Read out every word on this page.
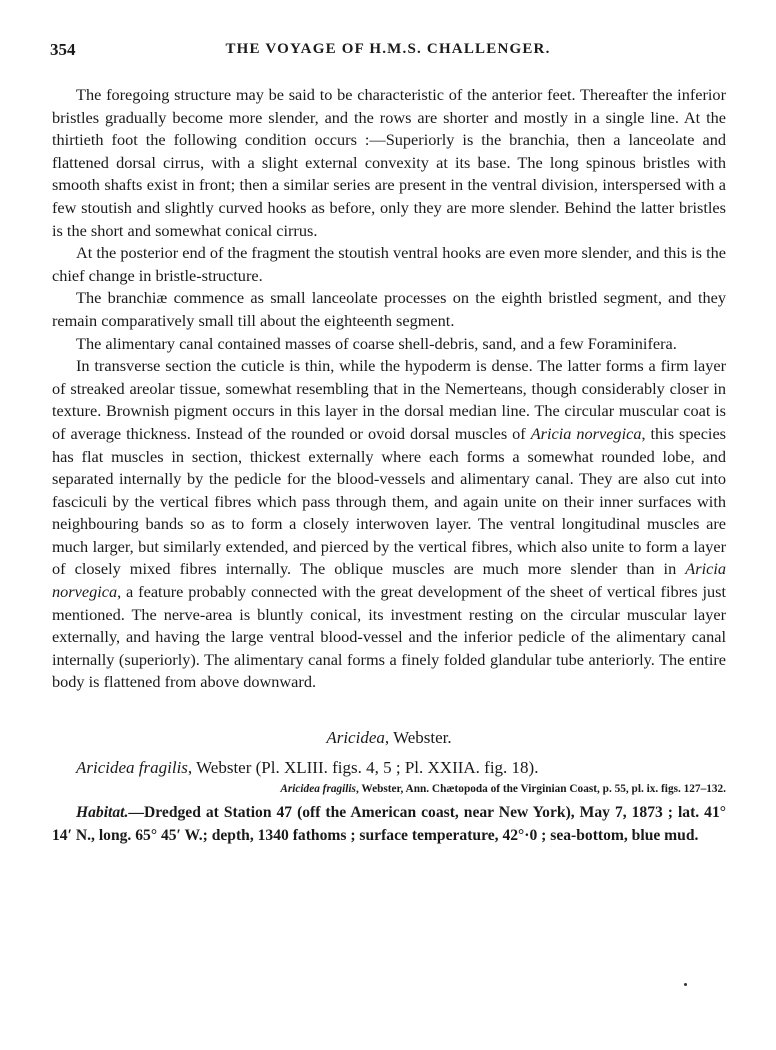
354	THE VOYAGE OF H.M.S. CHALLENGER.

The foregoing structure may be said to be characteristic of the anterior feet. Thereafter the inferior bristles gradually become more slender, and the rows are shorter and mostly in a single line. At the thirtieth foot the following condition occurs :—Superiorly is the branchia, then a lanceolate and flattened dorsal cirrus, with a slight external convexity at its base. The long spinous bristles with smooth shafts exist in front; then a similar series are present in the ventral division, interspersed with a few stoutish and slightly curved hooks as before, only they are more slender. Behind the latter bristles is the short and somewhat conical cirrus.

At the posterior end of the fragment the stoutish ventral hooks are even more slender, and this is the chief change in bristle-structure.

The branchiæ commence as small lanceolate processes on the eighth bristled segment, and they remain comparatively small till about the eighteenth segment.

The alimentary canal contained masses of coarse shell-debris, sand, and a few Foraminifera.

In transverse section the cuticle is thin, while the hypoderm is dense. The latter forms a firm layer of streaked areolar tissue, somewhat resembling that in the Nemerteans, though considerably closer in texture. Brownish pigment occurs in this layer in the dorsal median line. The circular muscular coat is of average thickness. Instead of the rounded or ovoid dorsal muscles of Aricia norvegica, this species has flat muscles in section, thickest externally where each forms a somewhat rounded lobe, and separated internally by the pedicle for the blood-vessels and alimentary canal. They are also cut into fasciculi by the vertical fibres which pass through them, and again unite on their inner surfaces with neighbouring bands so as to form a closely interwoven layer. The ventral longitudinal muscles are much larger, but similarly extended, and pierced by the vertical fibres, which also unite to form a layer of closely mixed fibres internally. The oblique muscles are much more slender than in Aricia norvegica, a feature probably connected with the great development of the sheet of vertical fibres just mentioned. The nerve-area is bluntly conical, its investment resting on the circular muscular layer externally, and having the large ventral blood-vessel and the inferior pedicle of the alimentary canal internally (superiorly). The alimentary canal forms a finely folded glandular tube anteriorly. The entire body is flattened from above downward.

Aricidea, Webster.

Aricidea fragilis, Webster (Pl. XLIII. figs. 4, 5 ; Pl. XXIIA. fig. 18).

Aricidea fragilis, Webster, Ann. Chætopoda of the Virginian Coast, p. 55, pl. ix. figs. 127–132.

Habitat.—Dredged at Station 47 (off the American coast, near New York), May 7, 1873 ; lat. 41° 14′ N., long. 65° 45′ W.; depth, 1340 fathoms ; surface temperature, 42°·0 ; sea-bottom, blue mud.
